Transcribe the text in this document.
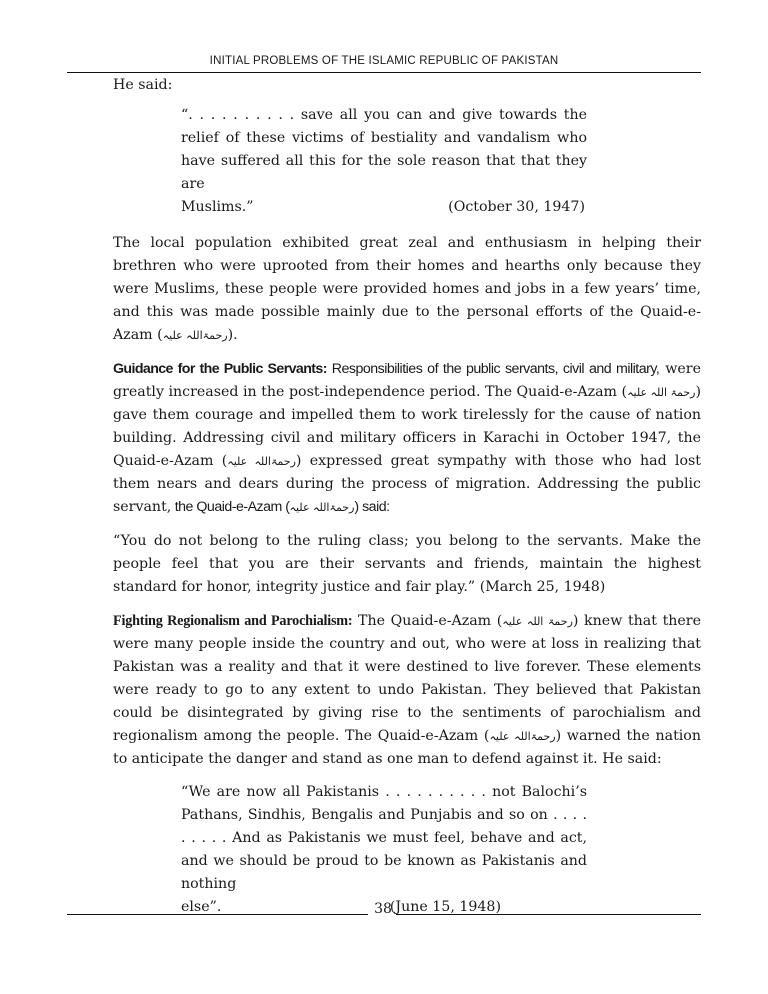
INITIAL PROBLEMS OF THE ISLAMIC REPUBLIC OF PAKISTAN

He said:

“. . . . . . . . . . save all you can and give towards the relief of these victims of bestiality and vandalism who have suffered all this for the sole reason that that they are
Muslims.”	(October 30, 1947)

The local population exhibited great zeal and enthusiasm in helping their brethren who were uprooted from their homes and hearths only because they were Muslims, these people were provided homes and jobs in a few years’ time, and this was made possible mainly due to the personal efforts of the Quaid-e-Azam (رحمۃاللہ علیہ).

Guidance for the Public Servants: Responsibilities of the public servants, civil and military, were greatly increased in the post-independence period. The Quaid-e-Azam (رحمۃ اللہ علیہ) gave them courage and impelled them to work tirelessly for the cause of nation building. Addressing civil and military officers in Karachi in October 1947, the Quaid-e-Azam (رحمۃاللہ علیہ) expressed great sympathy with those who had lost them nears and dears during the process of migration. Addressing the public servant, the Quaid-e-Azam (رحمۃاللہ علیہ) said:

“You do not belong to the ruling class; you belong to the servants. Make the people feel that you are their servants and friends, maintain the highest standard for honor, integrity justice and fair play.” (March 25, 1948)

Fighting Regionalism and Parochialism: The Quaid-e-Azam (رحمۃ اللہ علیہ) knew that there were many people inside the country and out, who were at loss in realizing that Pakistan was a reality and that it were destined to live forever. These elements were ready to go to any extent to undo Pakistan. They believed that Pakistan could be disintegrated by giving rise to the sentiments of parochialism and regionalism among the people. The Quaid-e-Azam (رحمۃاللہ علیہ) warned the nation to anticipate the danger and stand as one man to defend against it. He said:

“We are now all Pakistanis . . . . . . . . . . not Balochi’s Pathans, Sindhis, Bengalis and Punjabis and so on . . . . . . . . . And as Pakistanis we must feel, behave and act, and we should be proud to be known as Pakistanis and nothing
else”.	(June 15, 1948)
38
